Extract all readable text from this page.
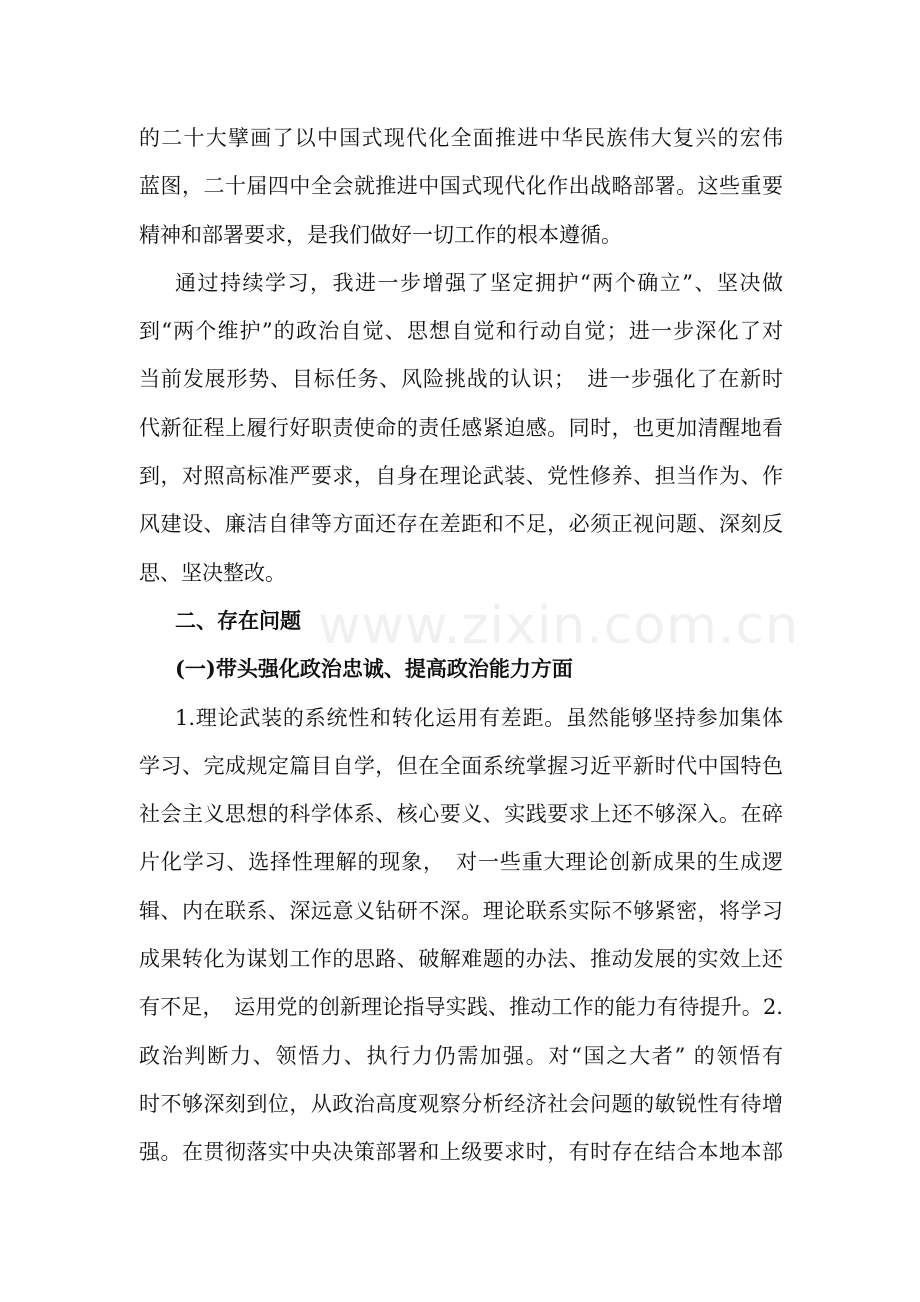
的二十大擘画了以中国式现代化全面推进中华民族伟大复兴的宏伟
蓝图，二十届四中全会就推进中国式现代化作出战略部署。这些重要
精神和部署要求，是我们做好一切工作的根本遵循。
通过持续学习，我进一步增强了坚定拥护“两个确立”、坚决做
到“两个维护”的政治自觉、思想自觉和行动自觉；进一步深化了对
当前发展形势、目标任务、风险挑战的认识；　进一步强化了在新时
代新征程上履行好职责使命的责任感紧迫感。同时，也更加清醒地看
到，对照高标准严要求，自身在理论武装、党性修养、担当作为、作
风建设、廉洁自律等方面还存在差距和不足，必须正视问题、深刻反
思、坚决整改。
二、存在问题
(一)带头强化政治忠诚、提高政治能力方面
1.理论武装的系统性和转化运用有差距。虽然能够坚持参加集体
学习、完成规定篇目自学，但在全面系统掌握习近平新时代中国特色
社会主义思想的科学体系、核心要义、实践要求上还不够深入。在碎
片化学习、选择性理解的现象，　对一些重大理论创新成果的生成逻
辑、内在联系、深远意义钻研不深。理论联系实际不够紧密，将学习
成果转化为谋划工作的思路、破解难题的办法、推动发展的实效上还
有不足，　运用党的创新理论指导实践、推动工作的能力有待提升。2.
政治判断力、领悟力、执行力仍需加强。对“国之大者” 的领悟有
时不够深刻到位，从政治高度观察分析经济社会问题的敏锐性有待增
强。在贯彻落实中央决策部署和上级要求时，有时存在结合本地本部
www.zixin.com.cn
